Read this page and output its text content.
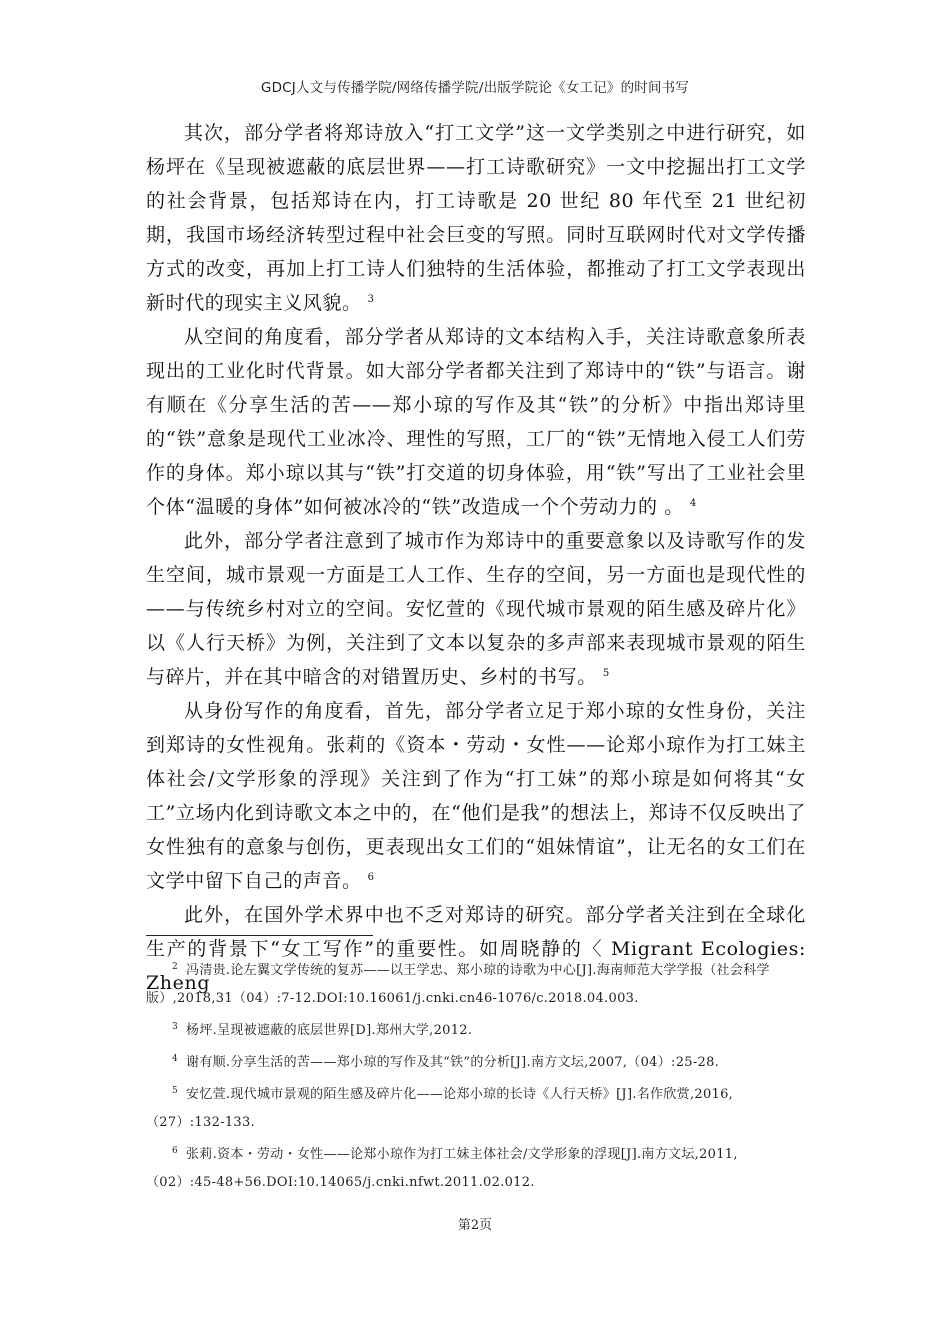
GDCJ人文与传播学院/网络传播学院/出版学院论《女工记》的时间书写

其次，部分学者将郑诗放入“打工文学”这一文学类别之中进行研究，如杨坪在《呈现被遮蔽的底层世界——打工诗歌研究》一文中挖掘出打工文学的社会背景，包括郑诗在内，打工诗歌是 20 世纪 80 年代至 21 世纪初期，我国市场经济转型过程中社会巨变的写照。同时互联网时代对文学传播方式的改变，再加上打工诗人们独特的生活体验，都推动了打工文学表现出新时代的现实主义风貌。 $^3$

从空间的角度看，部分学者从郑诗的文本结构入手，关注诗歌意象所表现出的工业化时代背景。如大部分学者都关注到了郑诗中的“铁”与语言。谢有顺在《分享生活的苦——郑小琼的写作及其“铁”的分析》中指出郑诗里的“铁”意象是现代工业冰冷、理性的写照，工厂的“铁”无情地入侵工人们劳作的身体。郑小琼以其与“铁”打交道的切身体验，用“铁”写出了工业社会里个体“温暖的身体”如何被冰冷的“铁”改造成一个个劳动力的 。 $^4$

此外，部分学者注意到了城市作为郑诗中的重要意象以及诗歌写作的发生空间，城市景观一方面是工人工作、生存的空间，另一方面也是现代性的——与传统乡村对立的空间。安忆萱的《现代城市景观的陌生感及碎片化》以《人行天桥》为例，关注到了文本以复杂的多声部来表现城市景观的陌生与碎片，并在其中暗含的对错置历史、乡村的书写。 $^5$

从身份写作的角度看，首先，部分学者立足于郑小琼的女性身份，关注到郑诗的女性视角。张莉的《资本・劳动・女性——论郑小琼作为打工妹主体社会/文学形象的浮现》关注到了作为“打工妹”的郑小琼是如何将其“女工”立场内化到诗歌文本之中的，在“他们是我”的想法上，郑诗不仅反映出了女性独有的意象与创伤，更表现出女工们的“姐妹情谊”，让无名的女工们在文学中留下自己的声音。 $^6$

此外，在国外学术界中也不乏对郑诗的研究。部分学者关注到在全球化生产的背景下“女工写作”的重要性。如周晓静的〈 Migrant Ecologies: Zheng

$^2$ 冯清贵.论左翼文学传统的复苏——以王学忠、郑小琼的诗歌为中心[J].海南师范大学学报（社会科学版）,2018,31（04）:7-12.DOI:10.16061/j.cnki.cn46-1076/c.2018.04.003.

$^3$ 杨坪.呈现被遮蔽的底层世界[D].郑州大学,2012.

$^4$ 谢有顺.分享生活的苦——郑小琼的写作及其“铁”的分析[J].南方文坛,2007,（04）:25-28.

$^5$ 安忆萱.现代城市景观的陌生感及碎片化——论郑小琼的长诗《人行天桥》[J].名作欣赏,2016,（27）:132-133.

$^6$ 张莉.资本・劳动・女性——论郑小琼作为打工妹主体社会/文学形象的浮现[J].南方文坛,2011,（02）:45-48+56.DOI:10.14065/j.cnki.nfwt.2011.02.012.

第2页
